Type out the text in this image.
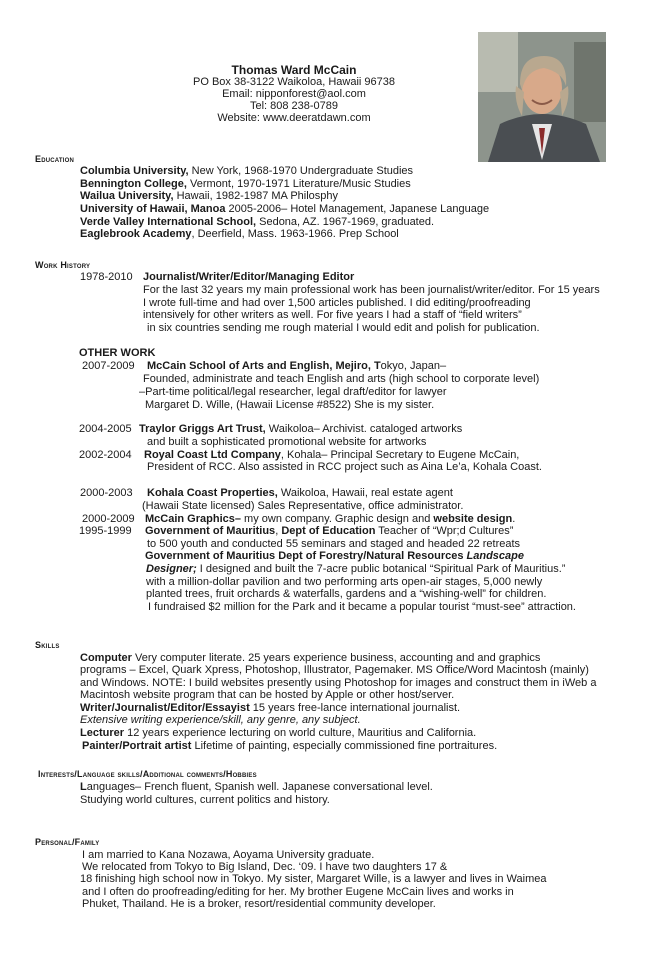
Thomas Ward McCain
PO Box 38-3122 Waikoloa, Hawaii 96738
Email: nipponforest@aol.com
Tel: 808 238-0789
Website: www.deeratdawn.com
Education
Columbia University, New York, 1968-1970 Undergraduate Studies
Bennington College, Vermont, 1970-1971 Literature/Music Studies
Wailua University, Hawaii, 1982-1987 MA Philosphy
University of Hawaii, Manoa 2005-2006– Hotel Management, Japanese Language
Verde Valley International School, Sedona, AZ. 1967-1969, graduated.
Eaglebrook Academy, Deerfield, Mass. 1963-1966. Prep School
Work History
1978-2010 Journalist/Writer/Editor/Managing Editor
For the last 32 years my main professional work has been journalist/writer/editor. For 15 years
I wrote full-time and had over 1,500 articles published. I did editing/proofreading
intensively for other writers as well. For five years I had a staff of “field writers”
in six countries sending me rough material I would edit and polish for publication.
OTHER WORK
2007-2009 McCain School of Arts and English, Mejiro, Tokyo, Japan–
Founded, administrate and teach English and arts (high school to corporate level)
–Part-time political/legal researcher, legal draft/editor for lawyer
Margaret D. Wille, (Hawaii License #8522) She is my sister.
2004-2005 Traylor Griggs Art Trust, Waikoloa– Archivist. cataloged artworks
and built a sophisticated promotional website for artworks
2002-2004 Royal Coast Ltd Company, Kohala– Principal Secretary to Eugene McCain,
President of RCC. Also assisted in RCC project such as Aina Le’a, Kohala Coast.
2000-2003 Kohala Coast Properties, Waikoloa, Hawaii, real estate agent
(Hawaii State licensed) Sales Representative, office administrator.
2000-2009 McCain Graphics– my own company. Graphic design and website design.
1995-1999 Government of Mauritius, Dept of Education Teacher of “Wpr;d Cultures”
to 500 youth and conducted 55 seminars and staged and headed 22 retreats
Government of Mauritius Dept of Forestry/Natural Resources Landscape
Designer; I designed and built the 7-acre public botanical “Spiritual Park of Mauritius.”
with a million-dollar pavilion and two performing arts open-air stages, 5,000 newly
planted trees, fruit orchards & waterfalls, gardens and a “wishing-well” for children.
I fundraised $2 million for the Park and it became a popular tourist “must-see” attraction.
Skills
Computer Very computer literate. 25 years experience business, accounting and and graphics
programs – Excel, Quark Xpress, Photoshop, Illustrator, Pagemaker. MS Office/Word Macintosh (mainly)
and Windows. NOTE: I build websites presently using Photoshop for images and construct them in iWeb a
Macintosh website program that can be hosted by Apple or other host/server.
Writer/Journalist/Editor/Essayist 15 years free-lance international journalist.
Extensive writing experience/skill, any genre, any subject.
Lecturer 12 years experience lecturing on world culture, Mauritius and California.
Painter/Portrait artist Lifetime of painting, especially commissioned fine portraitures.
Interests/Language skills/Additional comments/Hobbies
Languages– French fluent, Spanish well. Japanese conversational level.
Studying world cultures, current politics and history.
Personal/Family
I am married to Kana Nozawa, Aoyama University graduate.
We relocated from Tokyo to Big Island, Dec. ‘09. I have two daughters 17 &
18 finishing high school now in Tokyo. My sister, Margaret Wille, is a lawyer and lives in Waimea
and I often do proofreading/editing for her. My brother Eugene McCain lives and works in
Phuket, Thailand. He is a broker, resort/residential community developer.
